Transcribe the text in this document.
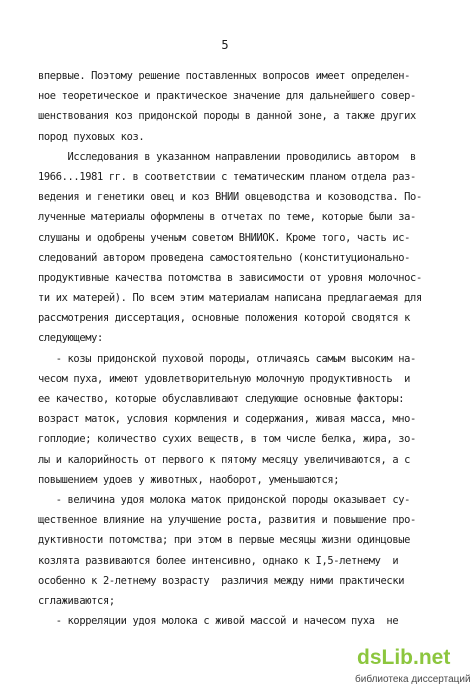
5
впервые. Поэтому решение поставленных вопросов имеет определен-
ное теоретическое и практическое значение для дальнейшего совер-
шенствования коз придонской породы в данной зоне, а также других
пород пуховых коз.
Исследования в указанном направлении проводились автором  в
1966...1981 гг. в соответствии с тематическим планом отдела раз-
ведения и генетики овец и коз ВНИИ овцеводства и козоводства. По-
лученные материалы оформлены в отчетах по теме, которые были за-
слушаны и одобрены ученым советом ВНИИОК. Кроме того, часть ис-
следований автором проведена самостоятельно (конституционально-
продуктивные качества потомства в зависимости от уровня молочнос-
ти их матерей). По всем этим материалам написана предлагаемая для
рассмотрения диссертация, основные положения которой сводятся к
следующему:
- козы придонской пуховой породы, отличаясь самым высоким на-
чесом пуха, имеют удовлетворительную молочную продуктивность  и
ее качество, которые обуславливают следующие основные факторы:
возраст маток, условия кормления и содержания, живая масса, мно-
гоплодие; количество сухих веществ, в том числе белка, жира, зо-
лы и калорийность от первого к пятому месяцу увеличиваются, а с
повышением удоев у животных, наоборот, уменьшаются;
- величина удоя молока маток придонской породы оказывает су-
щественное влияние на улучшение роста, развития и повышение про-
дуктивности потомства; при этом в первые месяцы жизни одинцовые
козлята развиваются более интенсивно, однако к I,5-летнему  и
особенно к 2-летнему возрасту  различия между ними практически
сглаживаются;
- корреляции удоя молока с живой массой и начесом пуха  не
dsLib.net
библиотека диссертаций
